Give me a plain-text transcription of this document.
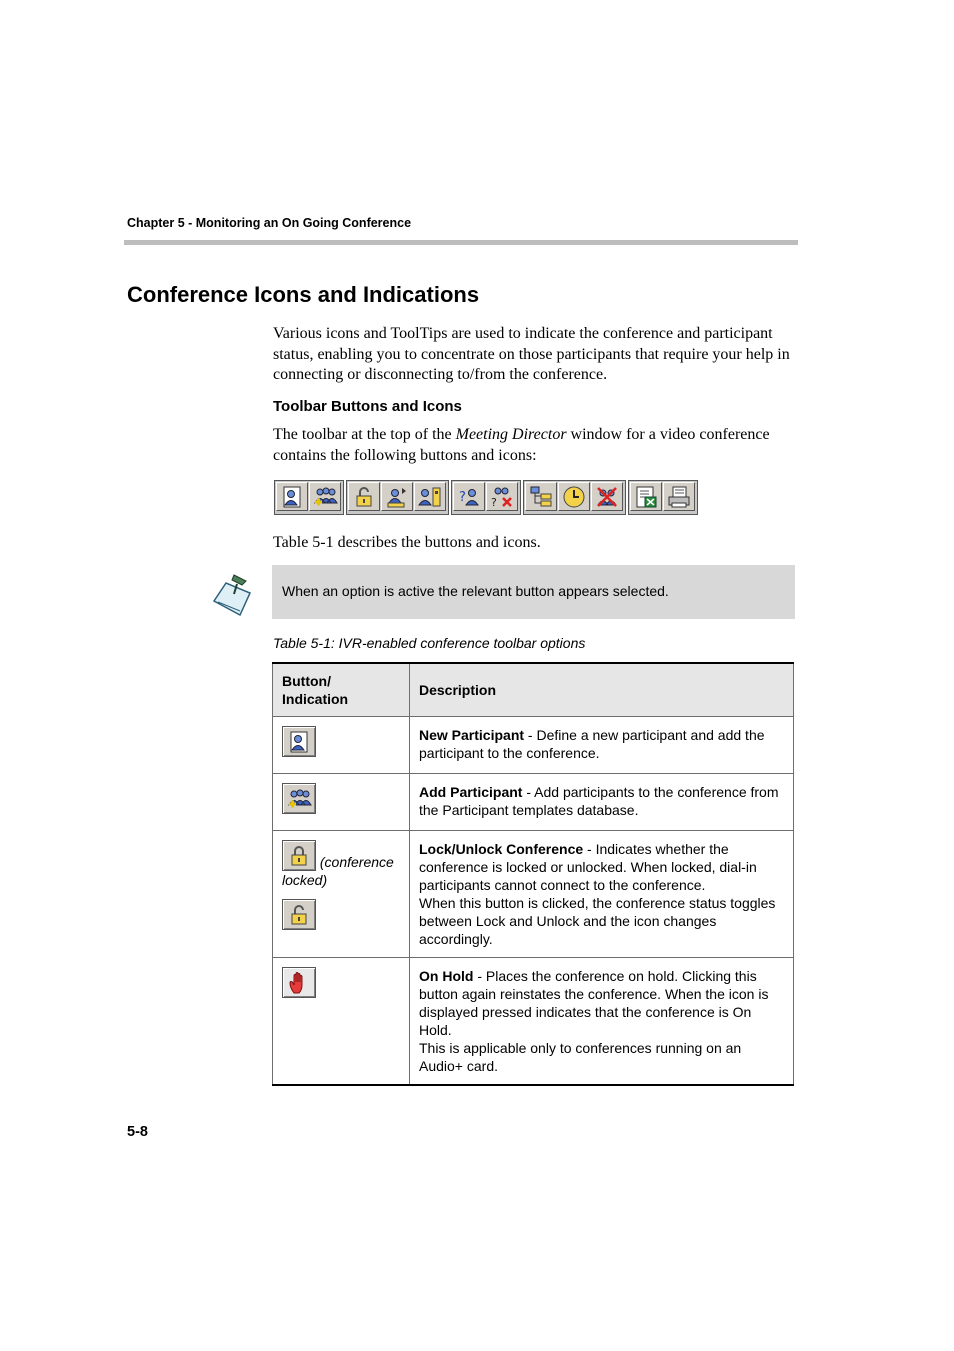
Chapter 5 - Monitoring an On Going Conference
Conference Icons and Indications
Various icons and ToolTips are used to indicate the conference and participant status, enabling you to concentrate on those participants that require your help in connecting or disconnecting to/from the conference.
Toolbar Buttons and Icons
The toolbar at the top of the Meeting Director window for a video conference contains the following buttons and icons:
? ?
Table 5-1 describes the buttons and icons.
When an option is active the relevant button appears selected.
Table 5-1: IVR-enabled conference toolbar options
Button/ Indication	Description

	New Participant - Define a new participant and add the participant to the conference.

	Add Participant - Add participants to the conference from the Participant templates database.

(conference locked)	Lock/Unlock Conference - Indicates whether the conference is locked or unlocked. When locked, dial-in participants cannot connect to the conference.
When this button is clicked, the conference status toggles between Lock and Unlock and the icon changes accordingly.

	On Hold - Places the conference on hold. Clicking this button again reinstates the conference. When the icon is displayed pressed indicates that the conference is On Hold.
This is applicable only to conferences running on an Audio+ card.
5-8
